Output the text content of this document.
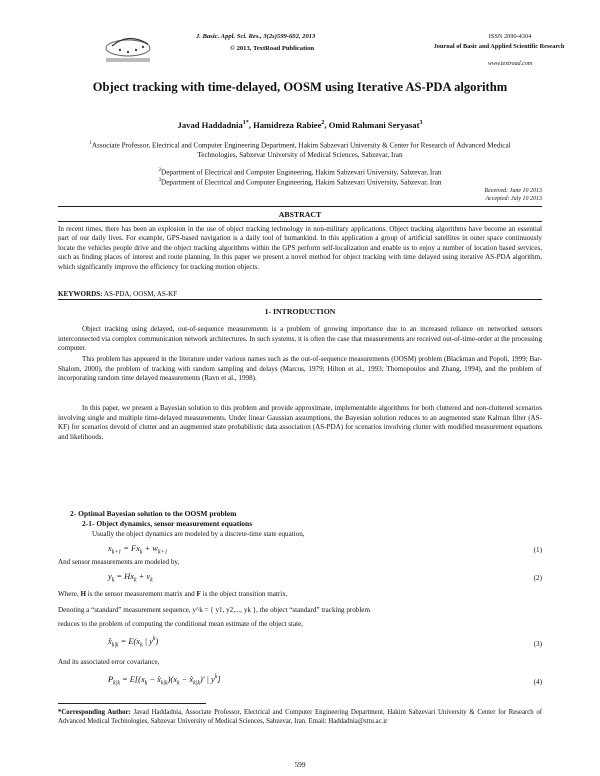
J. Basic. Appl. Sci. Res., 3(2s)599-602, 2013
© 2013, TextRoad Publication
ISSN 2090-4304
Journal of Basic and Applied Scientific Research
www.textroad.com
Object tracking with time-delayed, OOSM using Iterative AS-PDA algorithm
Javad Haddadnia$^{1*}$, Hamidreza Rabiee$^2$, Omid Rahmani Seryasat$^3$
$^1$Associate Professor, Electrical and Computer Engineering Department, Hakim Sabzevari University & Center for Research of Advanced Medical Technologies, Sabzevar University of Medical Sciences, Sabzevar, Iran
$^2$Department of Electrical and Computer Engineering, Hakim Sabzevari University, Sabzevar, Iran
$^3$Department of Electrical and Computer Engineering, Hakim Sabzevari University, Sabzevar, Iran
Received: June 10 2013
Accepted: July 10 2013
ABSTRACT
In recent times, there has been an explosion in the use of object tracking technology in non-military applications. Object tracking algorithms have become an essential part of our daily lives. For example, GPS-based navigation is a daily tool of humankind. In this application a group of artificial satellites in outer space continuously locate the vehicles people drive and the object tracking algorithms within the GPS perform self-localization and enable us to enjoy a number of location based services, such as finding places of interest and route planning. In this paper we present a novel method for object tracking with time delayed using iterative AS-PDA algorithm, which significantly improve the efficiency for tracking motion objects.
KEYWORDS: AS-PDA, OOSM, AS-KF
1- INTRODUCTION
Object tracking using delayed, out-of-sequence measurements is a problem of growing importance due to an increased reliance on networked sensors interconnected via complex communication network architectures. In such systems, it is often the case that measurements are received out-of-time-order at the processing computer.
This problem has appeared in the literature under various names such as the out-of-sequence measurements (OOSM) problem (Blackman and Popoli, 1999; Bar-Shalom, 2000), the problem of tracking with random sampling and delays (Marcus, 1979; Hilton et al., 1993; Thomopoulos and Zhang, 1994), and the problem of incorporating random time delayed measurements (Ravn et al., 1998).
In this paper, we present a Bayesian solution to this problem and provide approximate, implementable algorithms for both cluttered and non-cluttered scenarios involving single and multiple time-delayed measurements. Under linear Gaussian assumptions, the Bayesian solution reduces to an augmented state Kalman filter (AS-KF) for scenarios devoid of clutter and an augmented state probabilistic data association (AS-PDA) for scenarios involving clutter with modified measurement equations and likelihoods.
2- Optimal Bayesian solution to the OOSM problem
2-1- Object dynamics, sensor measurement equations
Usually the object dynamics are modeled by a discrete-time state equation,
$x_{k+1} = Fx_k + w_{k+1}$	(1)
And sensor measurements are modeled by,
$y_k = Hx_k + v_k$	(2)
Where, H is the sensor measurement matrix and F is the object transition matrix.
Denoting a “standard” measurement sequence, y^k = { y1, y2,..., yk }, the object “standard” tracking problem
reduces to the problem of computing the conditional mean estimate of the object state,
$x̂_{k|k} = E(x_k$ | $y^k$)	(3)
And its associated error covariance,
$P_{k|k} = E[(x_k$ − $x̂_{k|k})(x_k$ − $x̂_{k|k})'$ | $y^k$]	(4)
*Corresponding Author: Javad Haddadnia, Associate Professor, Electrical and Computer Engineering Department, Hakim Sabzevari University & Center for Research of Advanced Medical Technologies, Sabzevar University of Medical Sciences, Sabzevar, Iran. Email: Haddadnia@sttu.ac.ir
599
